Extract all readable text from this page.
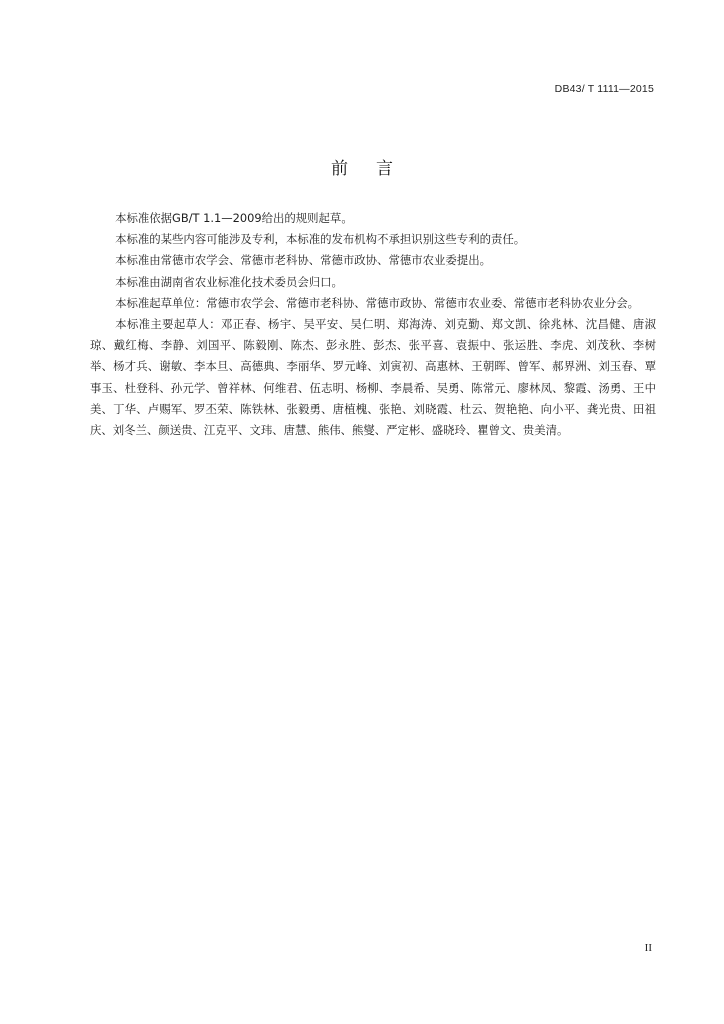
DB43/ T 1111—2015
前言

本标准依据GB/T 1.1—2009给出的规则起草。

本标准的某些内容可能涉及专利，本标准的发布机构不承担识别这些专利的责任。

本标准由常德市农学会、常德市老科协、常德市政协、常德市农业委提出。

本标准由湖南省农业标准化技术委员会归口。

本标准起草单位：常德市农学会、常德市老科协、常德市政协、常德市农业委、常德市老科协农业分会。

本标准主要起草人：邓正春、杨宇、吴平安、吴仁明、郑海涛、刘克勤、郑文凯、徐兆林、沈昌健、唐淑琼、戴红梅、李静、刘国平、陈毅刚、陈杰、彭永胜、彭杰、张平喜、袁振中、张运胜、李虎、刘茂秋、李树举、杨才兵、谢敏、李本旦、高德典、李丽华、罗元峰、刘寅初、高惠林、王朝晖、曾军、郝界洲、刘玉春、覃事玉、杜登科、孙元学、曾祥林、何维君、伍志明、杨柳、李晨希、吴勇、陈常元、廖林凤、黎霞、汤勇、王中美、丁华、卢赐军、罗丕荣、陈铁林、张毅勇、唐植槐、张艳、刘晓霞、杜云、贺艳艳、向小平、龚光贵、田祖庆、刘冬兰、颜送贵、江克平、文玮、唐慧、熊伟、熊燮、严定彬、盛晓玲、瞿曾文、贵美清。

II
